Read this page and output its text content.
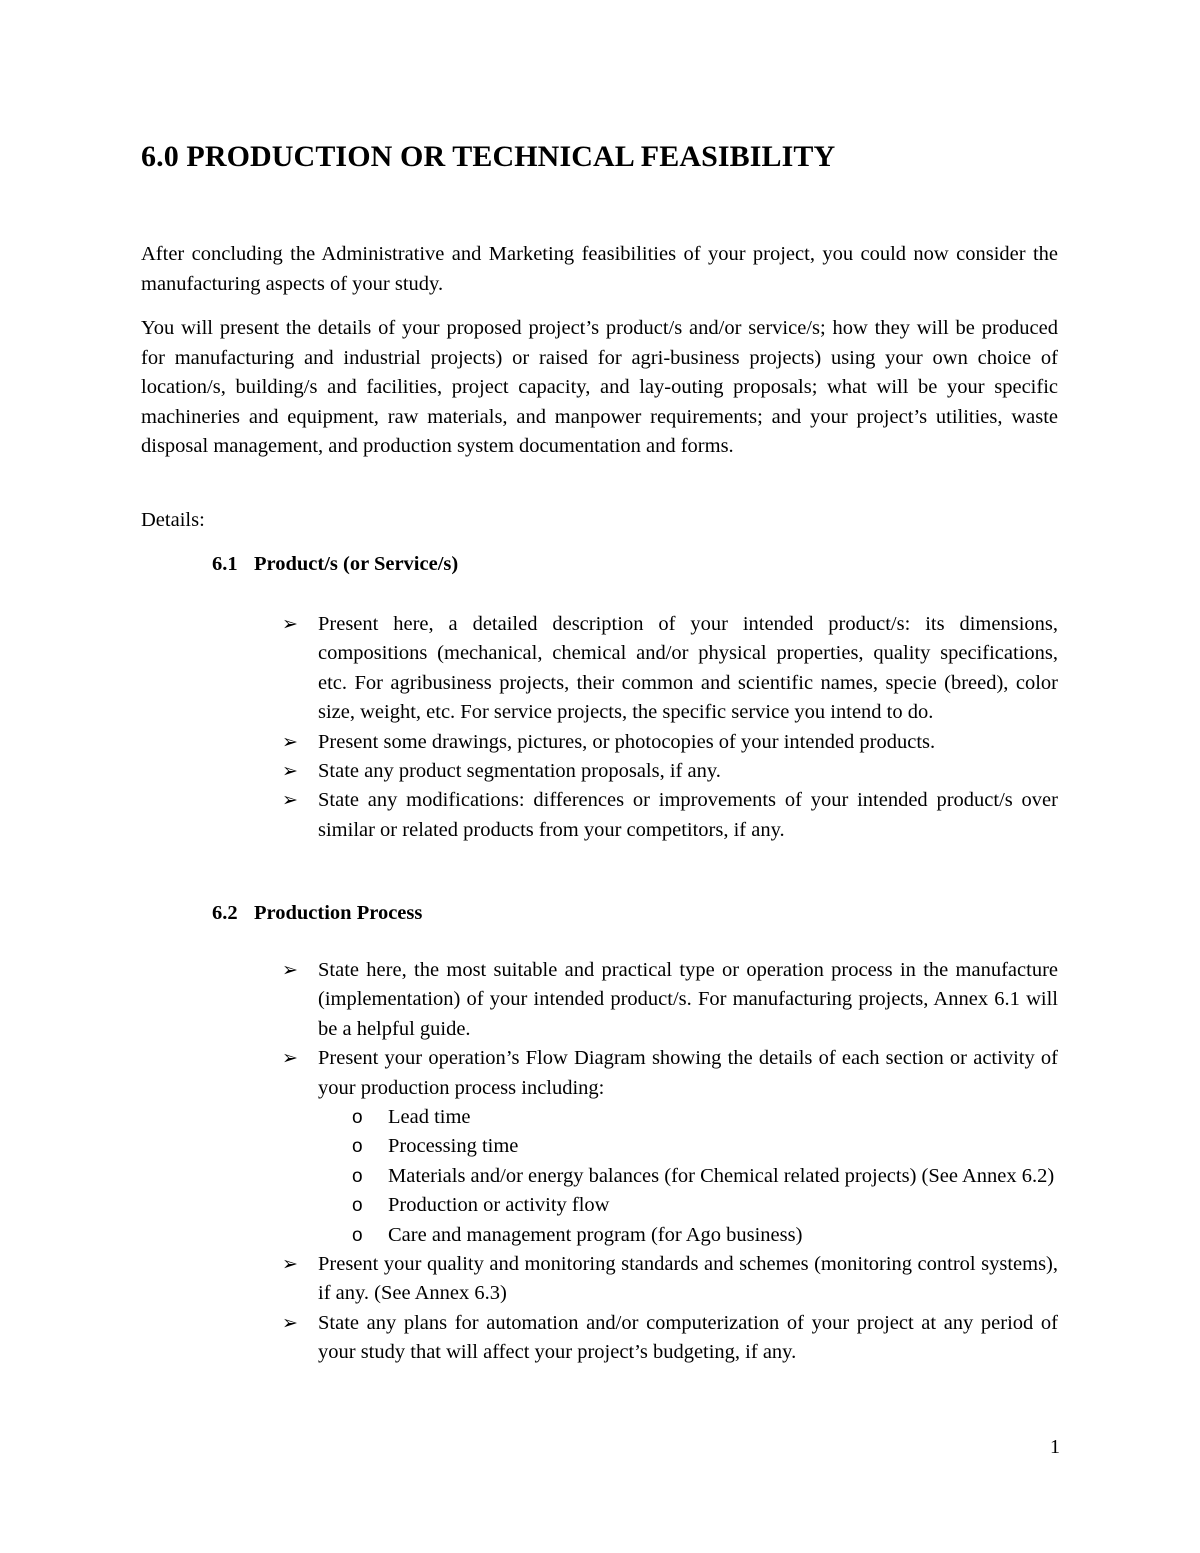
6.0 PRODUCTION OR TECHNICAL FEASIBILITY

After concluding the Administrative and Marketing feasibilities of your project, you could now consider the manufacturing aspects of your study.

You will present the details of your proposed project’s product/s and/or service/s; how they will be produced for manufacturing and industrial projects) or raised for agri-business projects) using your own choice of location/s, building/s and facilities, project capacity, and lay-outing proposals; what will be your specific machineries and equipment, raw materials, and manpower requirements; and your project’s utilities, waste disposal management, and production system documentation and forms.

Details:

6.1 Product/s (or Service/s)

➢ Present here, a detailed description of your intended product/s: its dimensions, compositions (mechanical, chemical and/or physical properties, quality specifications, etc. For agribusiness projects, their common and scientific names, specie (breed), color size, weight, etc. For service projects, the specific service you intend to do.
➢ Present some drawings, pictures, or photocopies of your intended products.
➢ State any product segmentation proposals, if any.
➢ State any modifications: differences or improvements of your intended product/s over similar or related products from your competitors, if any.

6.2 Production Process

➢ State here, the most suitable and practical type or operation process in the manufacture (implementation) of your intended product/s. For manufacturing projects, Annex 6.1 will be a helpful guide.
➢ Present your operation’s Flow Diagram showing the details of each section or activity of your production process including:
o Lead time
o Processing time
o Materials and/or energy balances (for Chemical related projects) (See Annex 6.2)
o Production or activity flow
o Care and management program (for Ago business)
➢ Present your quality and monitoring standards and schemes (monitoring control systems), if any. (See Annex 6.3)
➢ State any plans for automation and/or computerization of your project at any period of your study that will affect your project’s budgeting, if any.
1
